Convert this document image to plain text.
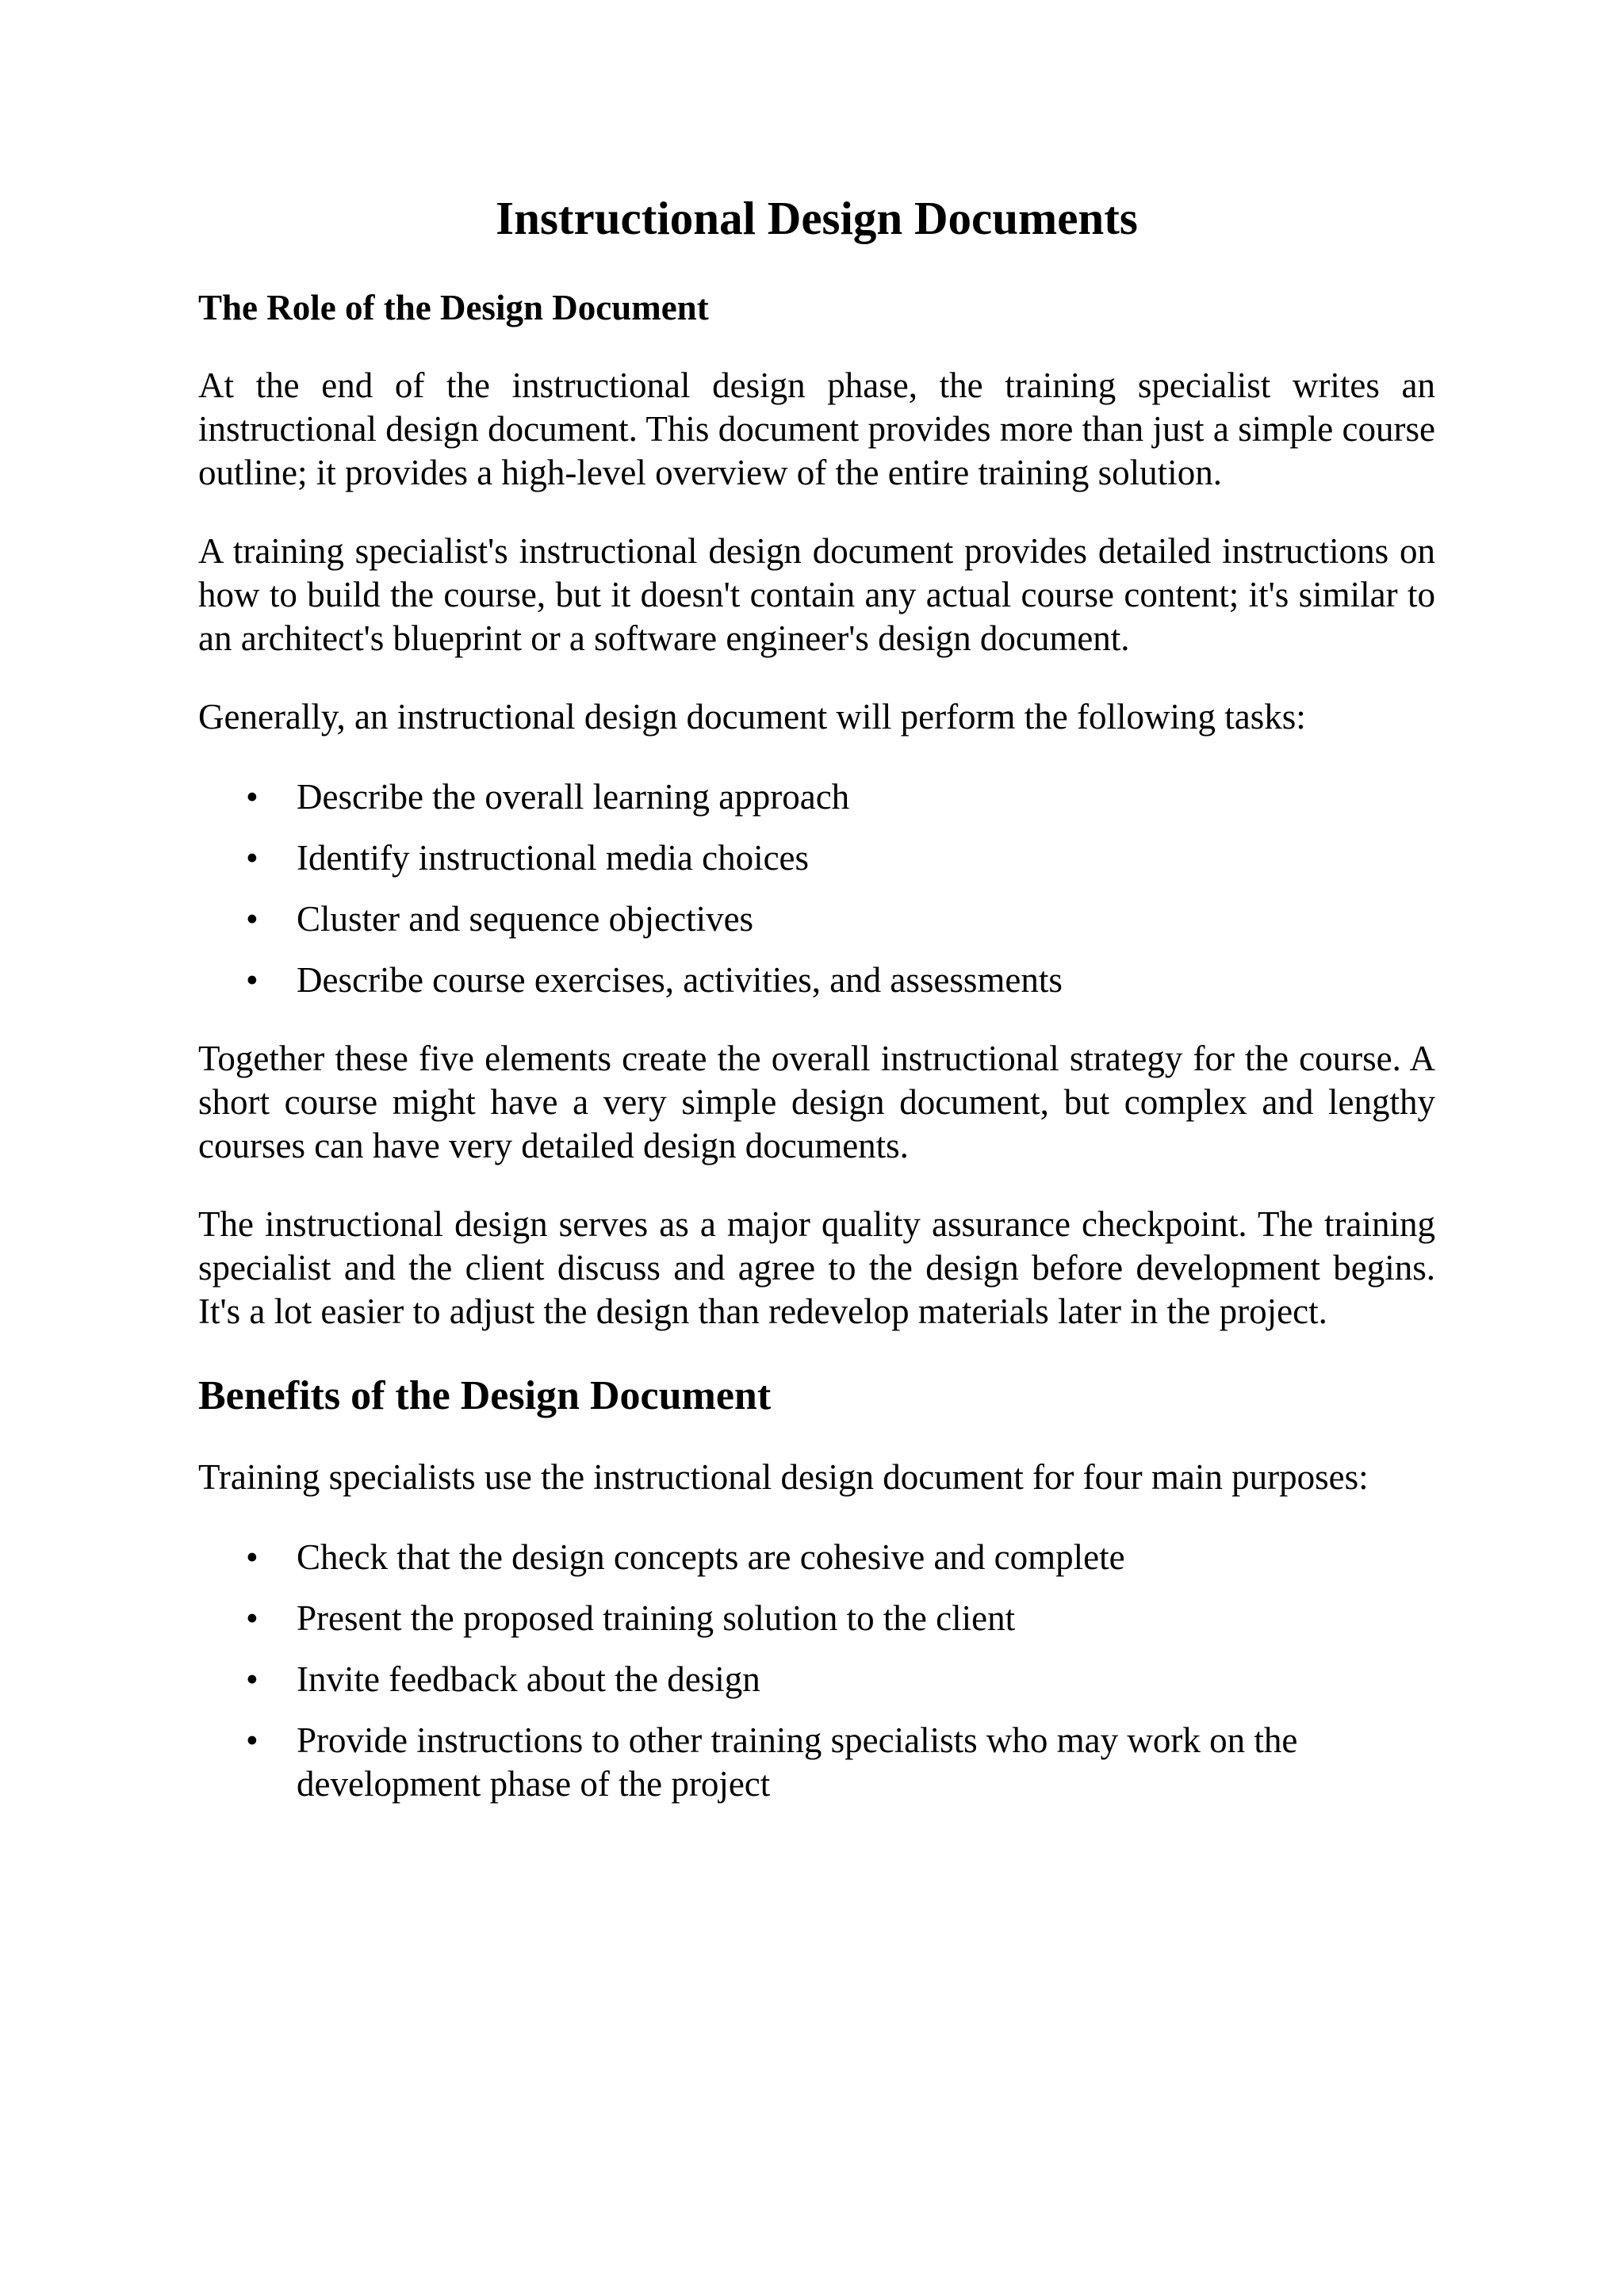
Instructional Design Documents
The Role of the Design Document

At the end of the instructional design phase, the training specialist writes an instructional design document. This document provides more than just a simple course outline; it provides a high-level overview of the entire training solution.

A training specialist's instructional design document provides detailed instructions on how to build the course, but it doesn't contain any actual course content; it's similar to an architect's blueprint or a software engineer's design document.

Generally, an instructional design document will perform the following tasks:

• Describe the overall learning approach
• Identify instructional media choices
• Cluster and sequence objectives
• Describe course exercises, activities, and assessments

Together these five elements create the overall instructional strategy for the course. A short course might have a very simple design document, but complex and lengthy courses can have very detailed design documents.

The instructional design serves as a major quality assurance checkpoint. The training specialist and the client discuss and agree to the design before development begins. It's a lot easier to adjust the design than redevelop materials later in the project.

Benefits of the Design Document

Training specialists use the instructional design document for four main purposes:

• Check that the design concepts are cohesive and complete
• Present the proposed training solution to the client
• Invite feedback about the design
• Provide instructions to other training specialists who may work on the development phase of the project
